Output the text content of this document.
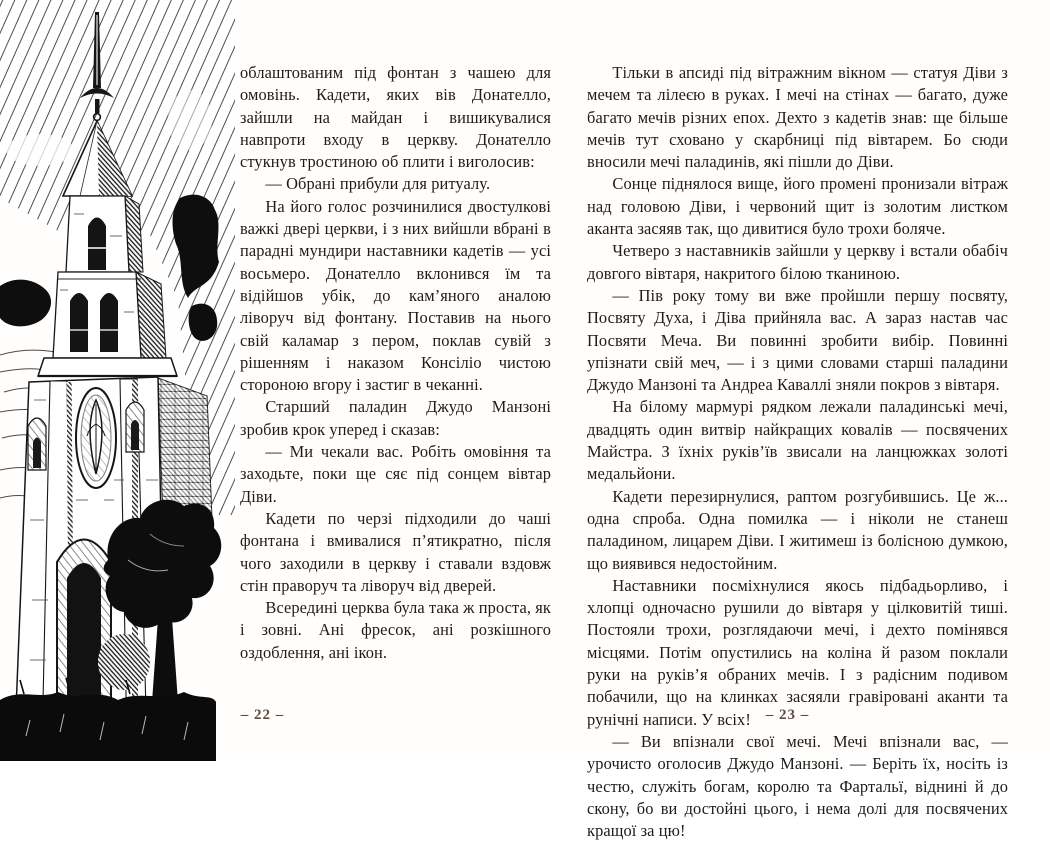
облаштованим під фонтан з чашею для омовінь. Кадети, яких вів Донателло, зайшли на майдан і вишикувалися навпроти входу в церкву. Донателло стукнув тростиною об плити і виголосив:

— Обрані прибули для ритуалу.

На його голос розчинилися двостулкові важкі двері церкви, і з них вийшли вбрані в парадні мундири наставники кадетів — усі восьмеро. Донателло вклонився їм та відійшов убік, до кам’яного аналою ліворуч від фонтану. Поставив на нього свій каламар з пером, поклав сувій з рішенням і наказом Консіліо чистою стороною вгору і застиг в чеканні.

Старший паладин Джудо Манзоні зробив крок уперед і сказав:

— Ми чекали вас. Робіть омовіння та заходьте, поки ще сяє під сонцем вівтар Діви.

Кадети по черзі підходили до чаші фонтана і вмивалися п’ятикратно, після чого заходили в церкву і ставали вздовж стін праворуч та ліворуч від дверей.

Всередині церква була така ж проста, як і зовні. Ані фресок, ані розкішного оздоблення, ані ікон.

Тільки в апсиді під вітражним вікном — статуя Діви з мечем та лілеєю в руках. І мечі на стінах — багато, дуже багато мечів різних епох. Дехто з кадетів знав: ще більше мечів тут сховано у скарбниці під вівтарем. Бо сюди вносили мечі паладинів, які пішли до Діви.

Сонце піднялося вище, його промені пронизали вітраж над головою Діви, і червоний щит із золотим листком аканта засяяв так, що дивитися було трохи боляче.

Четверо з наставників зайшли у церкву і встали обабіч довгого вівтаря, накритого білою тканиною.

— Пів року тому ви вже пройшли першу посвяту, Посвяту Духа, і Діва прийняла вас. А зараз настав час Посвяти Меча. Ви повинні зробити вибір. Повинні упізнати свій меч, — і з цими словами старші паладини Джудо Манзоні та Андреа Каваллі зняли покров з вівтаря.

На білому мармурі рядком лежали паладинські мечі, двадцять один витвір найкращих ковалів — посвячених Майстра. З їхніх руків’їв звисали на ланцюжках золоті медальйони.

Кадети перезирнулися, раптом розгубившись. Це ж... одна спроба. Одна помилка — і ніколи не станеш паладином, лицарем Діви. І житимеш із болісною думкою, що виявився недостойним.

Наставники посміхнулися якось підбадьорливо, і хлопці одночасно рушили до вівтаря у цілковитій тиші. Постояли трохи, розглядаючи мечі, і дехто помінявся місцями. Потім опустились на коліна й разом поклали руки на руків’я обраних мечів. І з радісним подивом побачили, що на клинках засяяли гравіровані аканти та рунічні написи. У всіх!

— Ви впізнали свої мечі. Мечі впізнали вас, — урочисто оголосив Джудо Манзоні. — Беріть їх, носіть із честю, служіть богам, королю та Фартальї, віднині й до скону, бо ви достойні цього, і нема долі для посвячених кращої за цю!

– 22 –	– 23 –
